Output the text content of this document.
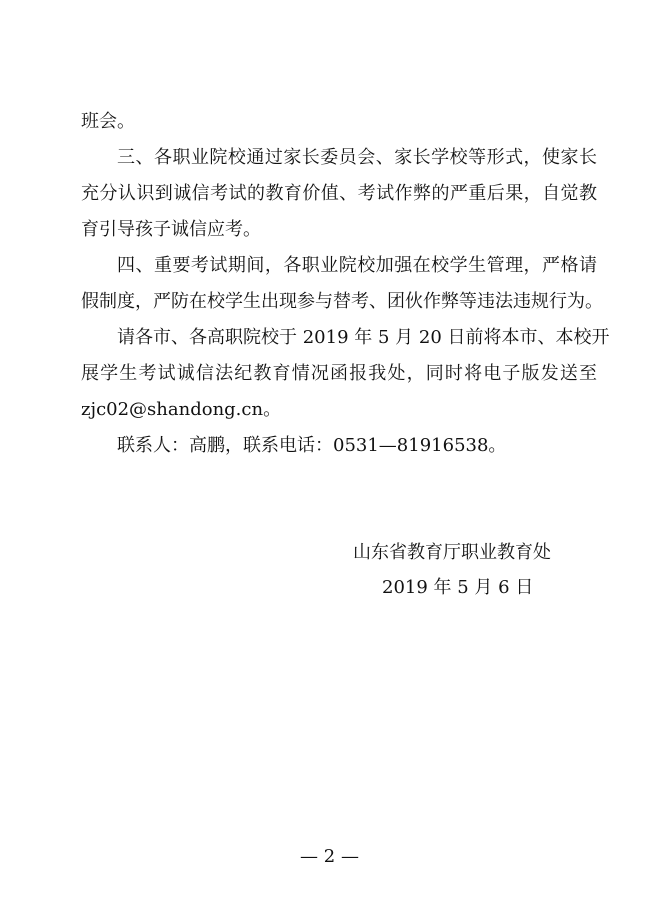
班会。
三、各职业院校通过家长委员会、家长学校等形式，使家长
充分认识到诚信考试的教育价值、考试作弊的严重后果，自觉教
育引导孩子诚信应考。
四、重要考试期间，各职业院校加强在校学生管理，严格请
假制度，严防在校学生出现参与替考、团伙作弊等违法违规行为。
请各市、各高职院校于 2019 年 5 月 20 日前将本市、本校开
展学生考试诚信法纪教育情况函报我处，同时将电子版发送至
zjc02@shandong.cn。
联系人：高鹏，联系电话：0531—81916538。
山东省教育厅职业教育处
2019 年 5 月 6 日
— 2 —
